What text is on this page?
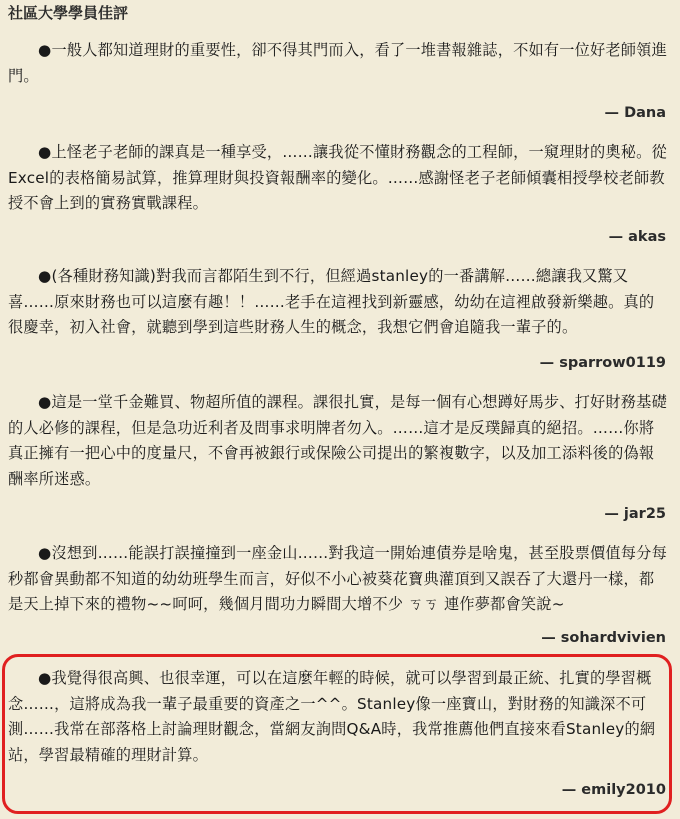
社區大學學員佳評

●一般人都知道理財的重要性，卻不得其門而入，看了一堆書報雜誌，不如有一位好老師領進門。

— Dana

●上怪老子老師的課真是一種享受，……讓我從不懂財務觀念的工程師，一窺理財的奧秘。從Excel的表格簡易試算，推算理財與投資報酬率的變化。……感謝怪老子老師傾囊相授學校老師教授不會上到的實務實戰課程。

— akas

●(各種財務知識)對我而言都陌生到不行，但經過stanley的一番講解……總讓我又驚又喜……原來財務也可以這麼有趣！！……老手在這裡找到新靈感，幼幼在這裡啟發新樂趣。真的很慶幸，初入社會，就聽到學到這些財務人生的概念，我想它們會追隨我一輩子的。

— sparrow0119

●這是一堂千金難買、物超所值的課程。課很扎實，是每一個有心想蹲好馬步、打好財務基礎的人必修的課程，但是急功近利者及問事求明牌者勿入。……這才是反璞歸真的絕招。……你將真正擁有一把心中的度量尺，不會再被銀行或保險公司提出的繁複數字，以及加工添料後的偽報酬率所迷惑。

— jar25

●沒想到……能誤打誤撞撞到一座金山……對我這一開始連債券是啥鬼，甚至股票價值每分每秒都會異動都不知道的幼幼班學生而言，好似不小心被葵花寶典灌頂到又誤吞了大還丹一樣，都是天上掉下來的禮物~~呵呵，幾個月間功力瞬間大增不少 ㄎㄎ 連作夢都會笑說~

— sohardvivien

●我覺得很高興、也很幸運，可以在這麼年輕的時候，就可以學習到最正統、扎實的學習概念……，這將成為我一輩子最重要的資產之一^^。Stanley像一座寶山，對財務的知識深不可測……我常在部落格上討論理財觀念，當網友詢問Q&A時，我常推薦他們直接來看Stanley的網站，學習最精確的理財計算。

— emily2010
